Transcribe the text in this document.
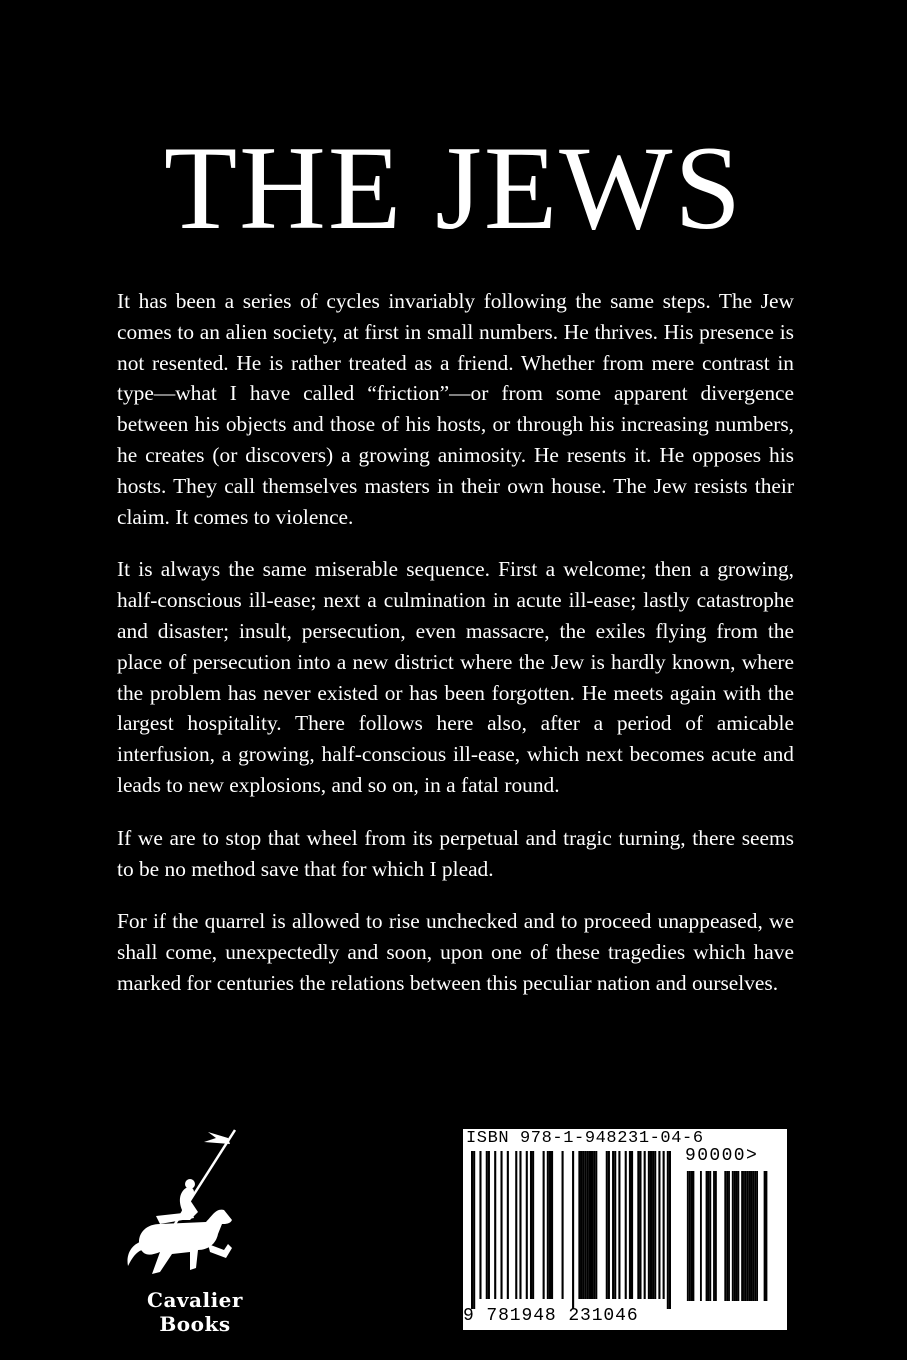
THE JEWS

It has been a series of cycles invariably following the same steps. The Jew comes to an alien society, at first in small numbers. He thrives. His presence is not resented. He is rather treated as a friend. Whether from mere contrast in type—what I have called “friction”—or from some apparent divergence between his objects and those of his hosts, or through his increasing numbers, he creates (or discovers) a growing animosity. He resents it. He opposes his hosts. They call themselves masters in their own house. The Jew resists their claim. It comes to violence.

It is always the same miserable sequence. First a welcome; then a growing, half-conscious ill-ease; next a culmination in acute ill-ease; lastly catastrophe and disaster; insult, persecution, even massacre, the exiles flying from the place of persecution into a new district where the Jew is hardly known, where the problem has never existed or has been forgotten. He meets again with the largest hospitality. There follows here also, after a period of amicable interfusion, a growing, half-conscious ill-ease, which next becomes acute and leads to new explosions, and so on, in a fatal round.

If we are to stop that wheel from its perpetual and tragic turning, there seems to be no method save that for which I plead.

For if the quarrel is allowed to rise unchecked and to proceed unappeased, we shall come, unexpectedly and soon, upon one of these tragedies which have marked for centuries the relations between this peculiar nation and ourselves.

Cavalier Books
ISBN 978-1-948231-04-6
90000>
9 781948 231046
